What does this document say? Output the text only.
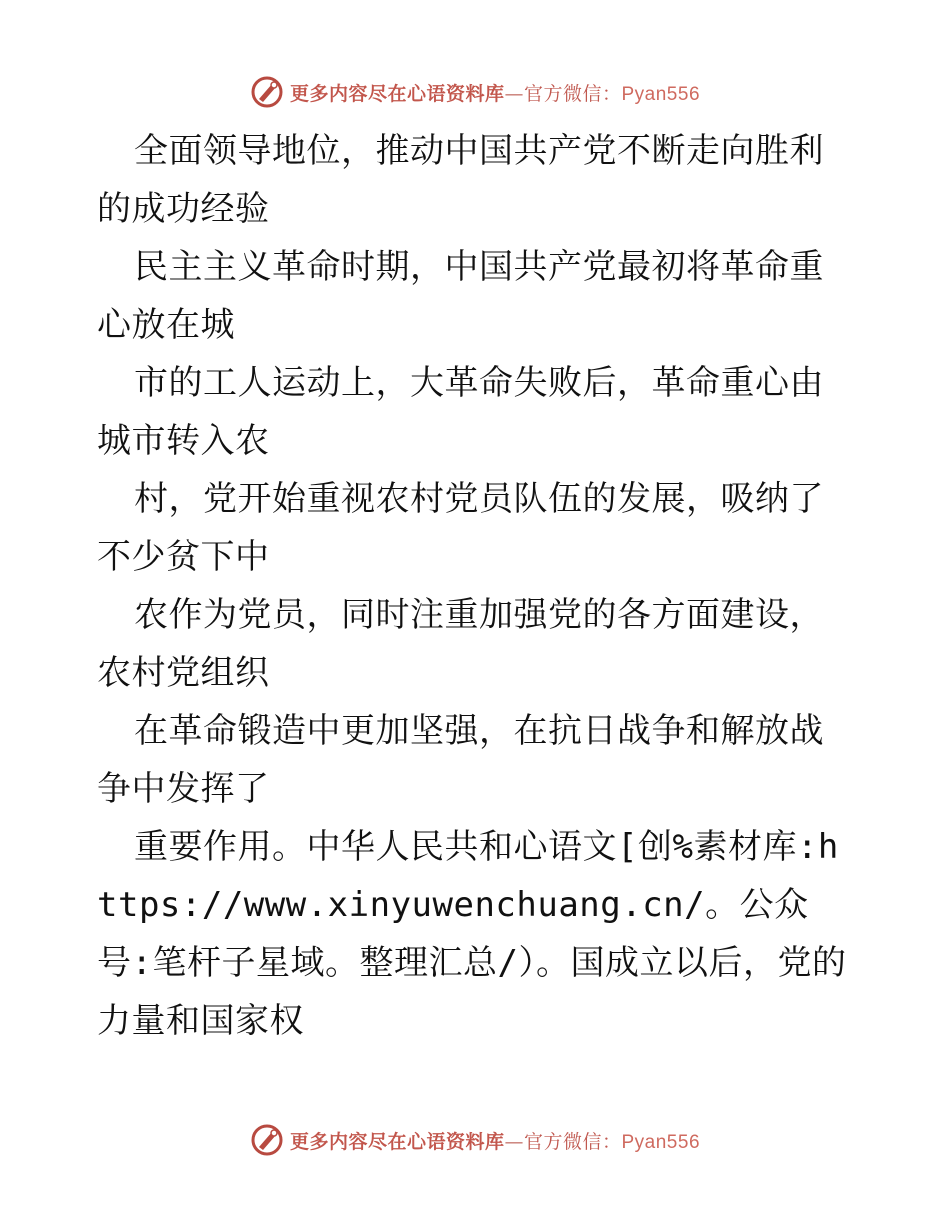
更多内容尽在心语资料库—官方微信：Pyan556

全面领导地位，推动中国共产党不断走向胜利的成功经验

民主主义革命时期，中国共产党最初将革命重心放在城

市的工人运动上，大革命失败后，革命重心由城市转入农

村，党开始重视农村党员队伍的发展，吸纳了不少贫下中

农作为党员，同时注重加强党的各方面建设，农村党组织

在革命锻造中更加坚强，在抗日战争和解放战争中发挥了

重要作用。中华人民共和心语文[创%素材库:https://www.xinyuwenchuang.cn/。公众号:笔杆子星域。整理汇总/）。国成立以后，党的力量和国家权

更多内容尽在心语资料库—官方微信：Pyan556
